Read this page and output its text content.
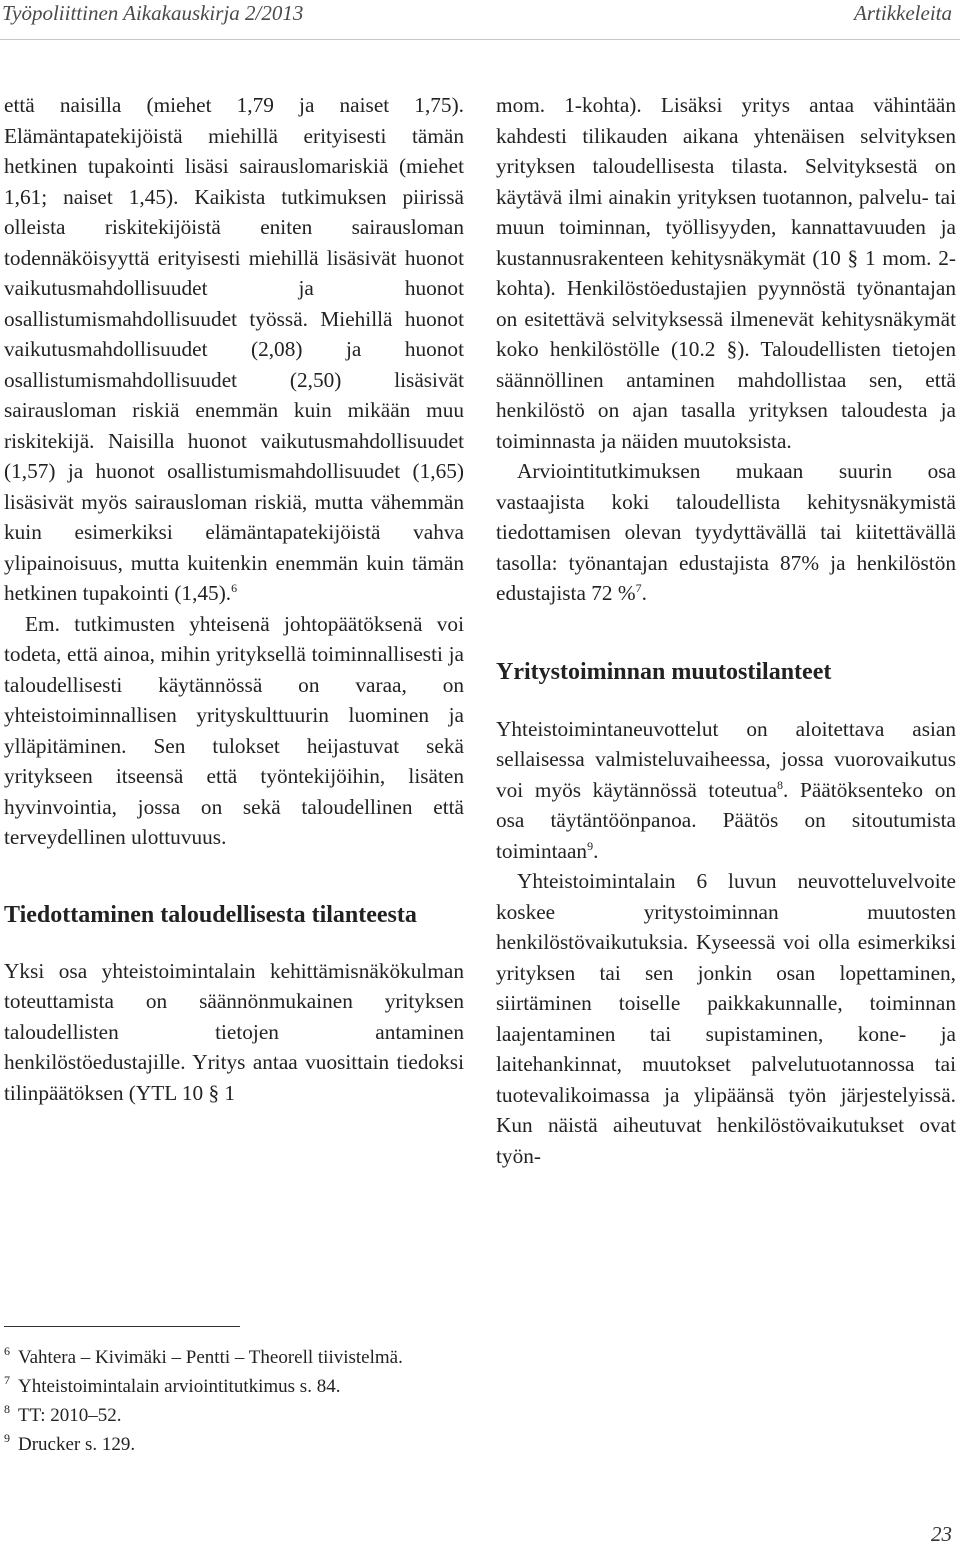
Työpoliittinen Aikakauskirja 2/2013	Artikkeleita

että naisilla (miehet 1,79 ja naiset 1,75). Elämäntapatekijöistä miehillä erityisesti tämän hetkinen tupakointi lisäsi sairauslomariskiä (miehet 1,61; naiset 1,45). Kaikista tutkimuksen piirissä olleista riskitekijöistä eniten sairausloman todennäköisyyttä erityisesti miehillä lisäsivät huonot vaikutusmahdollisuudet ja huonot osallistumismahdollisuudet työssä. Miehillä huonot vaikutusmahdollisuudet (2,08) ja huonot osallistumismahdollisuudet (2,50) lisäsivät sairausloman riskiä enemmän kuin mikään muu riskitekijä. Naisilla huonot vaikutusmahdollisuudet (1,57) ja huonot osallistumismahdollisuudet (1,65) lisäsivät myös sairausloman riskiä, mutta vähemmän kuin esimerkiksi elämäntapatekijöistä vahva ylipainoisuus, mutta kuitenkin enemmän kuin tämän hetkinen tupakointi (1,45).$^6$

Em. tutkimusten yhteisenä johtopäätöksenä voi todeta, että ainoa, mihin yrityksellä toiminnallisesti ja taloudellisesti käytännössä on varaa, on yhteistoiminnallisen yrityskulttuurin luominen ja ylläpitäminen. Sen tulokset heijastuvat sekä yritykseen itseensä että työntekijöihin, lisäten hyvinvointia, jossa on sekä taloudellinen että terveydellinen ulottuvuus.

Tiedottaminen taloudellisesta tilanteesta

Yksi osa yhteistoimintalain kehittämisnäkökulman toteuttamista on säännönmukainen yrityksen taloudellisten tietojen antaminen henkilöstöedustajille. Yritys antaa vuosittain tiedoksi tilinpäätöksen (YTL 10 § 1

mom. 1-kohta). Lisäksi yritys antaa vähintään kahdesti tilikauden aikana yhtenäisen selvityksen yrityksen taloudellisesta tilasta. Selvityksestä on käytävä ilmi ainakin yrityksen tuotannon, palvelu- tai muun toiminnan, työllisyyden, kannattavuuden ja kustannusrakenteen kehitysnäkymät (10 § 1 mom. 2-kohta). Henkilöstöedustajien pyynnöstä työnantajan on esitettävä selvityksessä ilmenevät kehitysnäkymät koko henkilöstölle (10.2 §). Taloudellisten tietojen säännöllinen antaminen mahdollistaa sen, että henkilöstö on ajan tasalla yrityksen taloudesta ja toiminnasta ja näiden muutoksista.

Arviointitutkimuksen mukaan suurin osa vastaajista koki taloudellista kehitysnäkymistä tiedottamisen olevan tyydyttävällä tai kiitettävällä tasolla: työnantajan edustajista 87% ja henkilöstön edustajista 72 %$^7$.

Yritystoiminnan muutostilanteet

Yhteistoimintaneuvottelut on aloitettava asian sellaisessa valmisteluvaiheessa, jossa vuorovaikutus voi myös käytännössä toteutua$^8$. Päätöksenteko on osa täytäntöönpanoa. Päätös on sitoutumista toimintaan$^9$.

Yhteistoimintalain 6 luvun neuvotteluvelvoite koskee yritystoiminnan muutosten henkilöstövaikutuksia. Kyseessä voi olla esimerkiksi yrityksen tai sen jonkin osan lopettaminen, siirtäminen toiselle paikkakunnalle, toiminnan laajentaminen tai supistaminen, kone- ja laitehankinnat, muutokset palvelutuotannossa tai tuotevalikoimassa ja ylipäänsä työn järjestelyissä. Kun näistä aiheutuvat henkilöstövaikutukset ovat työn-

6 Vahtera – Kivimäki – Pentti – Theorell tiivistelmä.
7 Yhteistoimintalain arviointitutkimus s. 84.
8 TT: 2010–52.
9 Drucker s. 129.
23
